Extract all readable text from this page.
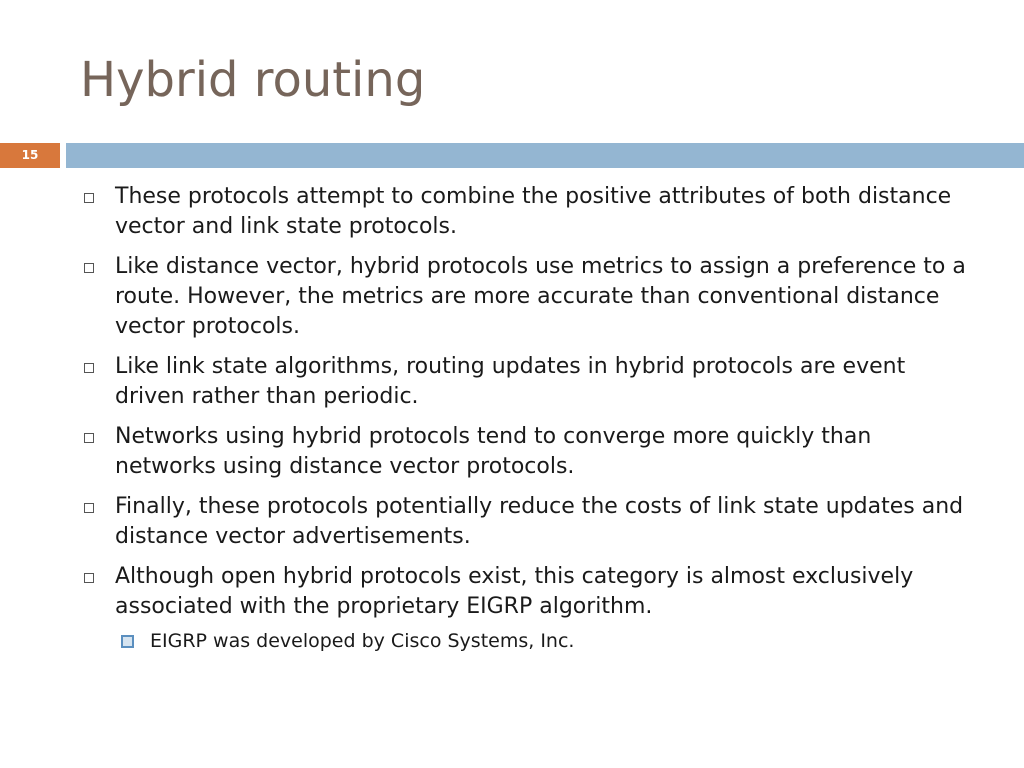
Hybrid routing
15
These protocols attempt to combine the positive attributes of both distance vector and link state protocols.
Like distance vector, hybrid protocols use metrics to assign a preference to a route. However, the metrics are more accurate than conventional distance vector protocols.
Like link state algorithms, routing updates in hybrid protocols are event driven rather than periodic.
Networks using hybrid protocols tend to converge more quickly than networks using distance vector protocols.
Finally, these protocols potentially reduce the costs of link state updates and distance vector advertisements.
Although open hybrid protocols exist, this category is almost exclusively associated with the proprietary EIGRP algorithm.
EIGRP was developed by Cisco Systems, Inc.
